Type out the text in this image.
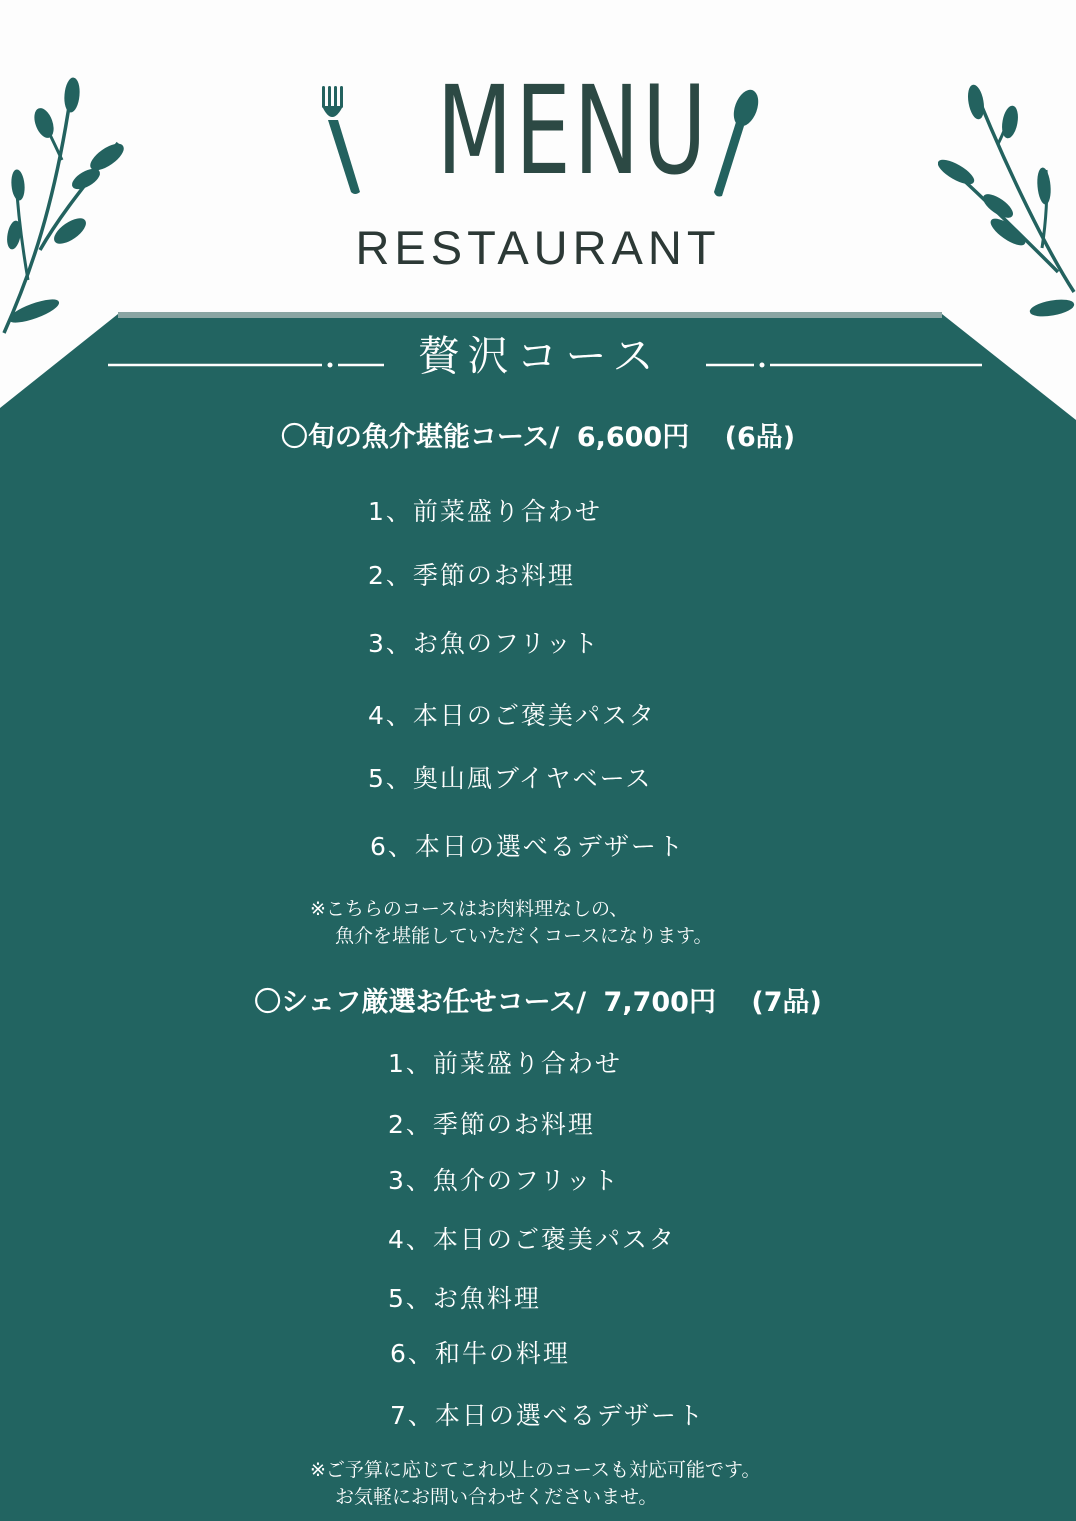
MENU
RESTAURANT
贅沢コース
〇旬の魚介堪能コース/ 6,600円 (6品)
1、前菜盛り合わせ
2、季節のお料理
3、お魚のフリット
4、本日のご褒美パスタ
5、奥山風ブイヤベース
6、本日の選べるデザート
※こちらのコースはお肉料理なしの、
魚介を堪能していただくコースになります。
〇シェフ厳選お任せコース/ 7,700円 (7品)
1、前菜盛り合わせ
2、季節のお料理
3、魚介のフリット
4、本日のご褒美パスタ
5、お魚料理
6、和牛の料理
7、本日の選べるデザート
※ご予算に応じてこれ以上のコースも対応可能です。
お気軽にお問い合わせくださいませ。
